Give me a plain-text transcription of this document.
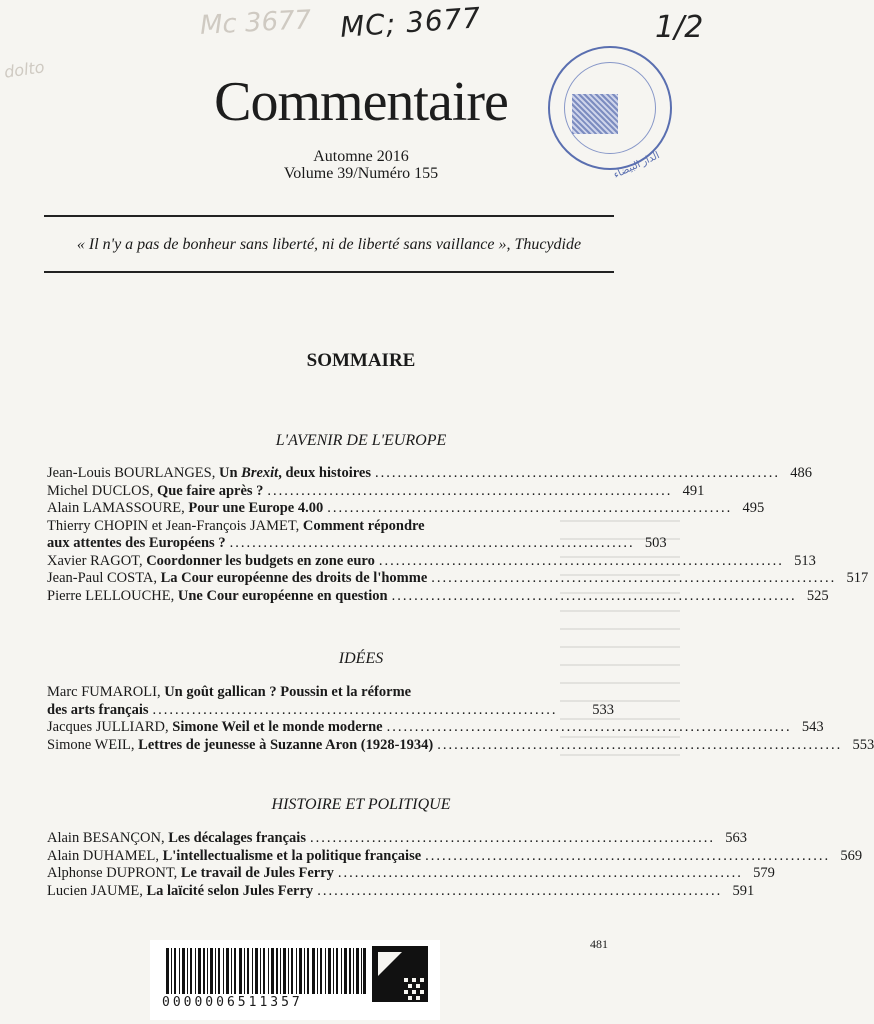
Mc 3677 MC; 3677	1/2
dolto
الدار البيضاء
Commentaire
Automne 2016
Volume 39/Numéro 155
« Il n'y a pas de bonheur sans liberté, ni de liberté sans vaillance », Thucydide
SOMMAIRE
L'AVENIR DE L'EUROPE
Jean-Louis BOURLANGES,
Un Brexit, deux histoires ........................................................................ 486
Michel DUCLOS,
Que faire après ? ........................................................................ 491
Alain LAMASSOURE,
Pour une Europe 4.00 ........................................................................ 495
Thierry CHOPIN et Jean-François JAMET,
Comment répondre
aux attentes des Européens ? ........................................................................ 503
Xavier RAGOT,
Coordonner les budgets en zone euro ........................................................................ 513
Jean-Paul COSTA,
La Cour européenne des droits de l'homme ........................................................................ 517
Pierre LELLOUCHE,
Une Cour européenne en question ........................................................................ 525
IDÉES
Marc FUMAROLI,
Un goût gallican ? Poussin et la réforme
des arts français ........................................................................	533
Jacques JULLIARD,
Simone Weil et le monde moderne ........................................................................ 543
Simone WEIL,
Lettres de jeunesse à Suzanne Aron (1928-1934) ........................................................................ 553
HISTOIRE ET POLITIQUE
Alain BESANÇON,
Les décalages français ........................................................................ 563
Alain DUHAMEL,
L'intellectualisme et la politique française ........................................................................ 569
Alphonse DUPRONT,
Le travail de Jules Ferry ........................................................................ 579
Lucien JAUME,
La laïcité selon Jules Ferry ........................................................................ 591
481
0000006511357
